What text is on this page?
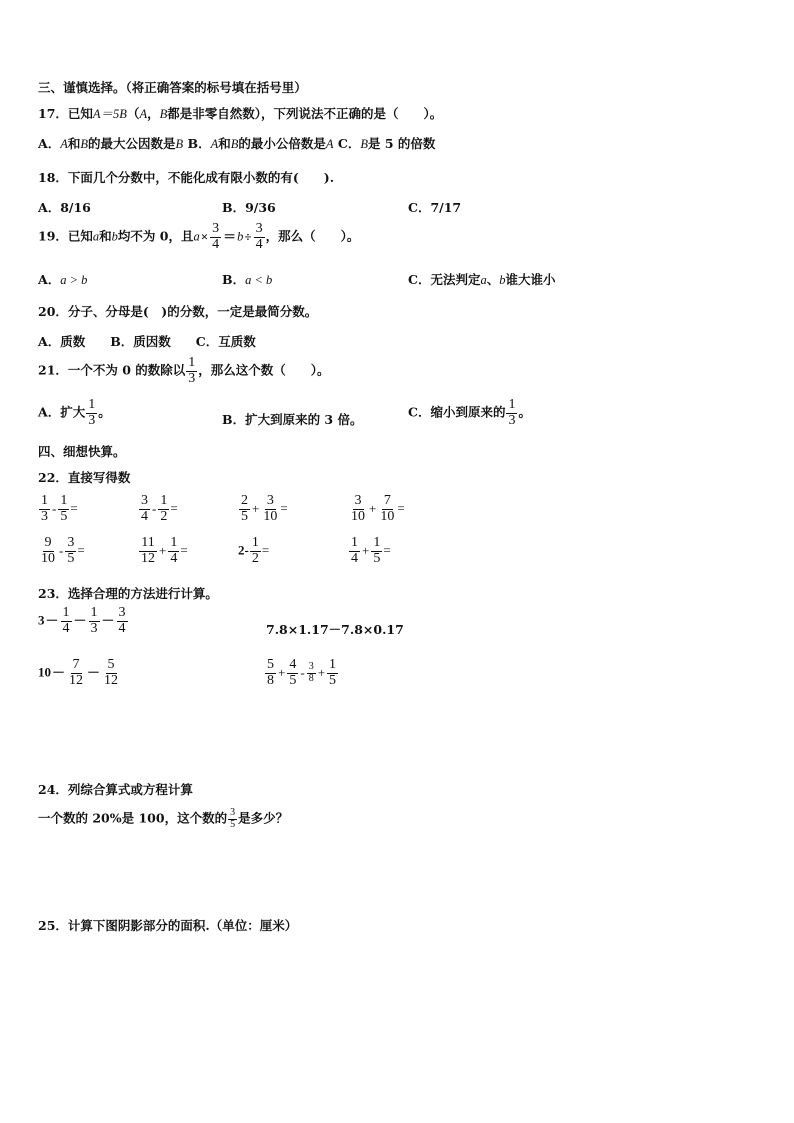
三、谨慎选择。（将正确答案的标号填在括号里）
17．已知A＝5B（A，B都是非零自然数），下列说法不正确的是（　　）。
A．A和B的最大公因数是B B．A和B的最小公倍数是A C．B是 5 的倍数
18．下面几个分数中，不能化成有限小数的有(　　).
A．8/16	B．9/36	C．7/17
19．已知a和b均不为 0，且$a\times \frac{3}{4} =b\div \frac{3}{4}$ ，那么（　　）。
A．a > b	B．a < b	C．无法判定a、b谁大谁小
20．分子、分母是(　)的分数，一定是最简分数。
A．质数　　B．质因数　　C．互质数
21．一个不为 0 的数除以 $\frac{1}{3}$ ，那么这个数（　　）。
A．扩大 $\frac{1}{3}$ 。	B．扩大到原来的 3 倍。	C．缩小到原来的 $\frac{1}{3}$ 。
四、细想快算。
22．直接写得数
$\frac{1}{3} - \frac{1}{5}$ =	$\frac{3}{4} - \frac{1}{2}$ =	$\frac{2}{5} + \frac{3}{10}$ =	$\frac{3}{10} + \frac{7}{10}$ =
$\frac{9}{10} - \frac{3}{5}$ =	$\frac{11}{12} + \frac{1}{4}$ =	$2- \frac{1}{2}$ =	$\frac{1}{4} + \frac{1}{5}$ =
23．选择合理的方法进行计算。
$3- \frac{1}{4} - \frac{1}{3} - \frac{3}{4}$	7.8×1.17－7.8×0.17
$10- \frac{7}{12} - \frac{5}{12}$	$\frac{5}{8} + \frac{4}{5} - \frac{3}{8} + \frac{1}{5}$
24．列综合算式或方程计算
一个数的 20%是 100，这个数的 $\frac{3}{5}$ 是多少？
25．计算下图阴影部分的面积.（单位：厘米）
